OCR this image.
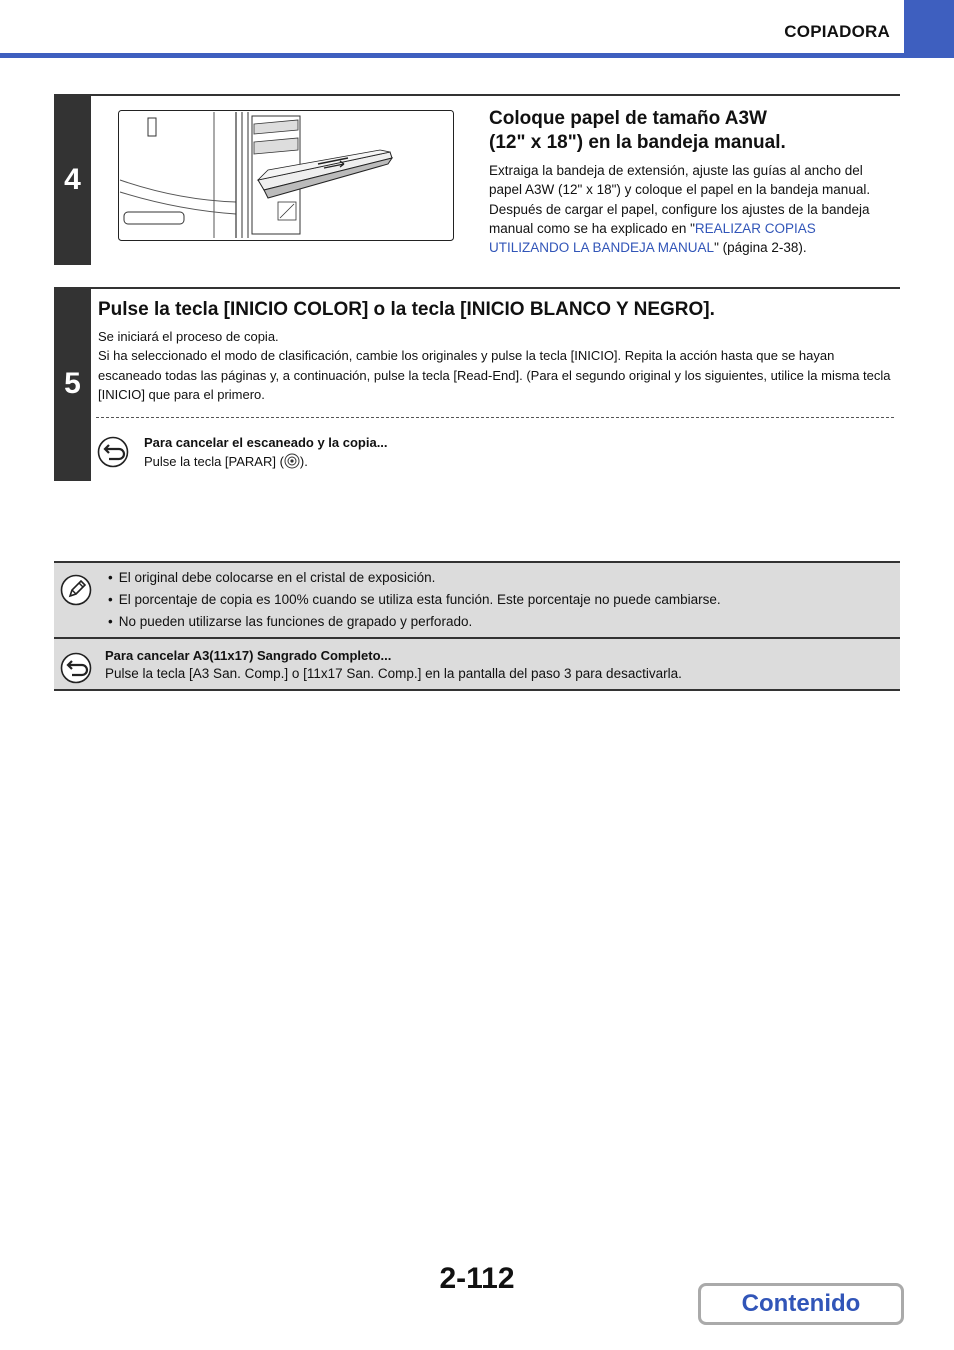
COPIADORA
4

Coloque papel de tamaño A3W
(12" x 18") en la bandeja manual.

Extraiga la bandeja de extensión, ajuste las guías al ancho del papel A3W (12" x 18") y coloque el papel en la bandeja manual. Después de cargar el papel, configure los ajustes de la bandeja manual como se ha explicado en "REALIZAR COPIAS UTILIZANDO LA BANDEJA MANUAL" (página 2-38).

5

Pulse la tecla [INICIO COLOR] o la tecla [INICIO BLANCO Y NEGRO].

Se iniciará el proceso de copia.

Si ha seleccionado el modo de clasificación, cambie los originales y pulse la tecla [INICIO]. Repita la acción hasta que se hayan escaneado todas las páginas y, a continuación, pulse la tecla [Read-End]. (Para el segundo original y los siguientes, utilice la misma tecla [INICIO] que para el primero.

Para cancelar el escaneado y la copia...
Pulse la tecla [PARAR] ( ).
• El original debe colocarse en el cristal de exposición.
• El porcentaje de copia es 100% cuando se utiliza esta función. Este porcentaje no puede cambiarse.
• No pueden utilizarse las funciones de grapado y perforado.
Para cancelar A3(11x17) Sangrado Completo...
Pulse la tecla [A3 San. Comp.] o [11x17 San. Comp.] en la pantalla del paso 3 para desactivarla.
2-112
Contenido
